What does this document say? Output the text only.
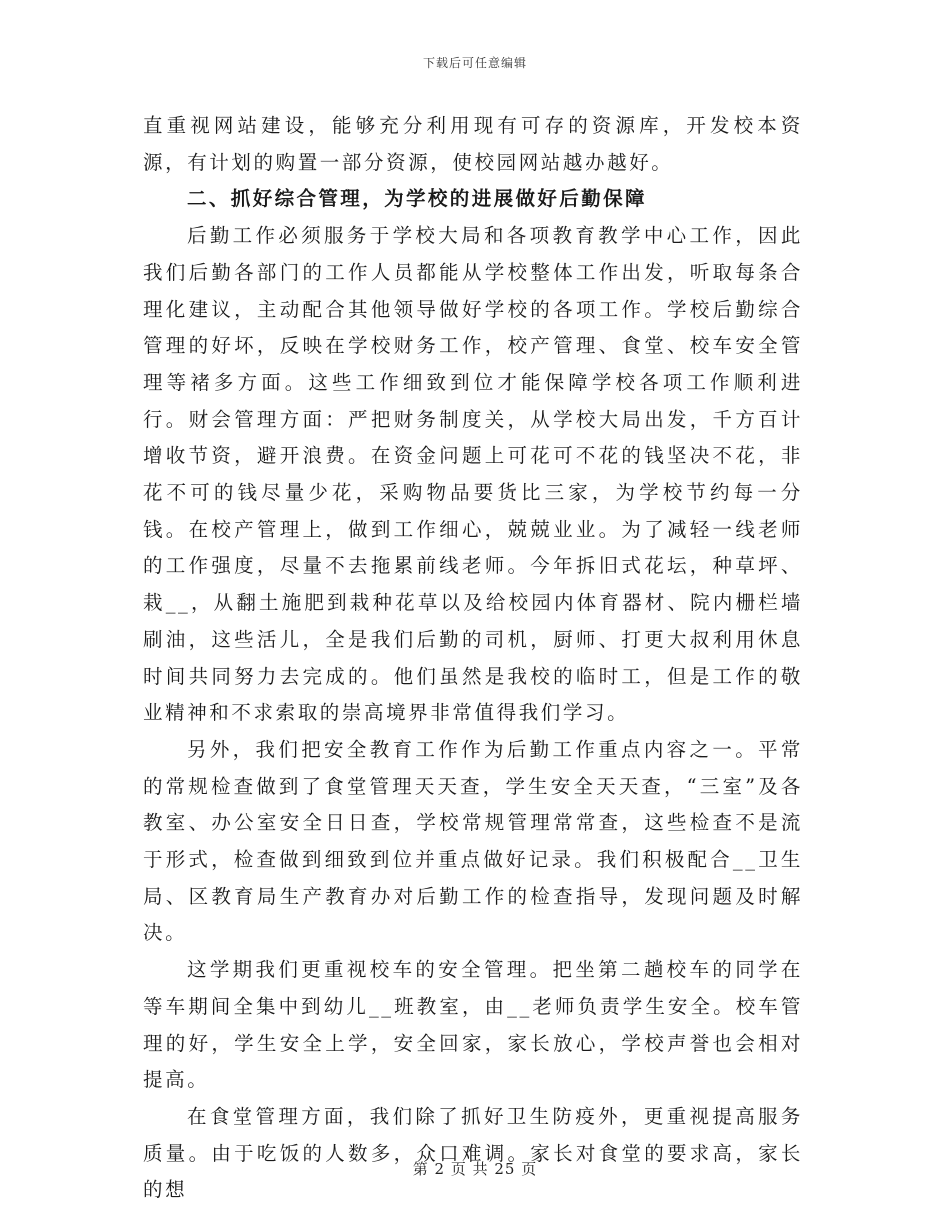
下载后可任意编辑

直重视网站建设，能够充分利用现有可存的资源库，开发校本资源，有计划的购置一部分资源，使校园网站越办越好。

二、抓好综合管理，为学校的进展做好后勤保障

后勤工作必须服务于学校大局和各项教育教学中心工作，因此我们后勤各部门的工作人员都能从学校整体工作出发，听取每条合理化建议，主动配合其他领导做好学校的各项工作。学校后勤综合管理的好坏，反映在学校财务工作，校产管理、食堂、校车安全管理等褚多方面。这些工作细致到位才能保障学校各项工作顺利进行。财会管理方面：严把财务制度关，从学校大局出发，千方百计增收节资，避开浪费。在资金问题上可花可不花的钱坚决不花，非花不可的钱尽量少花，采购物品要货比三家，为学校节约每一分钱。在校产管理上，做到工作细心，兢兢业业。为了减轻一线老师的工作强度，尽量不去拖累前线老师。今年拆旧式花坛，种草坪、栽__，从翻土施肥到栽种花草以及给校园内体育器材、院内栅栏墙刷油，这些活儿，全是我们后勤的司机，厨师、打更大叔利用休息时间共同努力去完成的。他们虽然是我校的临时工，但是工作的敬业精神和不求索取的崇高境界非常值得我们学习。

另外，我们把安全教育工作作为后勤工作重点内容之一。平常的常规检查做到了食堂管理天天查，学生安全天天查，“三室”及各教室、办公室安全日日查，学校常规管理常常查，这些检查不是流于形式，检查做到细致到位并重点做好记录。我们积极配合__卫生局、区教育局生产教育办对后勤工作的检查指导，发现问题及时解决。

这学期我们更重视校车的安全管理。把坐第二趟校车的同学在等车期间全集中到幼儿__班教室，由__老师负责学生安全。校车管理的好，学生安全上学，安全回家，家长放心，学校声誉也会相对提高。

在食堂管理方面，我们除了抓好卫生防疫外，更重视提高服务质量。由于吃饭的人数多，众口难调。家长对食堂的要求高，家长的想

第 2 页 共 25 页
